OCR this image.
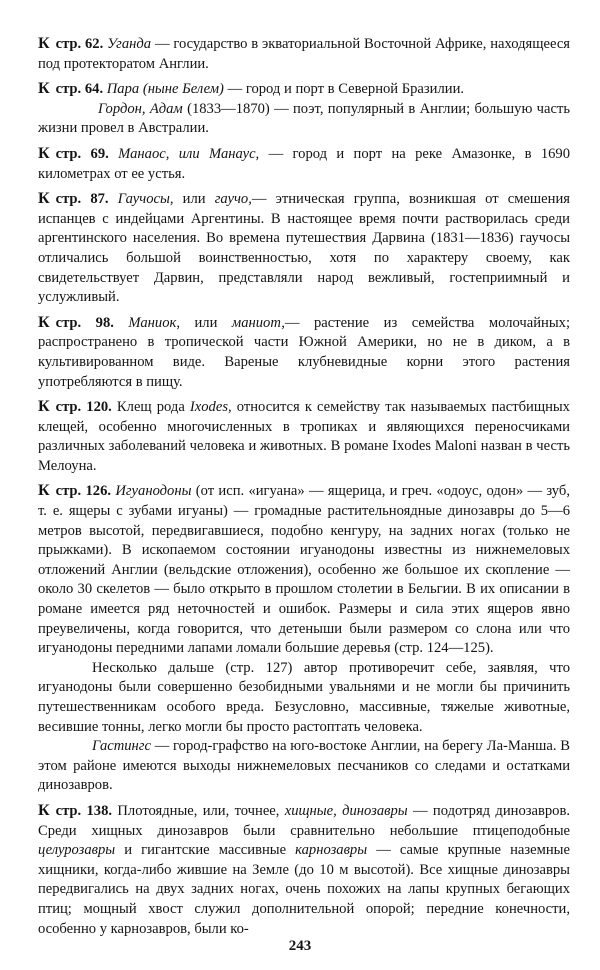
К стр. 62. Уганда — государство в экваториальной Восточной Африке, находящееся под протекторатом Англии.

К стр. 64. Пара (ныне Белем) — город и порт в Северной Бразилии.

Гордон, Адам (1833—1870) — поэт, популярный в Англии; большую часть жизни провел в Австралии.

К стр. 69. Манаос, или Манаус, — город и порт на реке Амазонке, в 1690 километрах от ее устья.

К стр. 87. Гаучосы, или гаучо,— этническая группа, возникшая от смешения испанцев с индейцами Аргентины. В настоящее время почти растворилась среди аргентинского населения. Во времена путешествия Дарвина (1831—1836) гаучосы отличались большой воинственностью, хотя по характеру своему, как свидетельствует Дарвин, представляли народ вежливый, гостеприимный и услужливый.

К стр. 98. Маниок, или маниот,— растение из семейства молочайных; распространено в тропической части Южной Америки, но не в диком, а в культивированном виде. Вареные клубневидные корни этого растения употребляются в пищу.

К стр. 120. Клещ рода Ixodes, относится к семейству так называемых пастбищных клещей, особенно многочисленных в тропиках и являющихся переносчиками различных заболеваний человека и животных. В романе Ixodes Maloni назван в честь Мелоуна.

К стр. 126. Игуанодоны (от исп. «игуана» — ящерица, и греч. «одоус, одон» — зуб, т. е. ящеры с зубами игуаны) — громадные растительноядные динозавры до 5—6 метров высотой, передвигавшиеся, подобно кенгуру, на задних ногах (только не прыжками). В ископаемом состоянии игуанодоны известны из нижнемеловых отложений Англии (вельдские отложения), особенно же большое их скопление — около 30 скелетов — было открыто в прошлом столетии в Бельгии. В их описании в романе имеется ряд неточностей и ошибок. Размеры и сила этих ящеров явно преувеличены, когда говорится, что детеныши были размером со слона или что игуанодоны передними лапами ломали большие деревья (стр. 124—125).

Несколько дальше (стр. 127) автор противоречит себе, заявляя, что игуанодоны были совершенно безобидными увальнями и не могли бы причинить путешественникам особого вреда. Безусловно, массивные, тяжелые животные, весившие тонны, легко могли бы просто растоптать человека.

Гастингс — город-графство на юго-востоке Англии, на берегу Ла-Манша. В этом районе имеются выходы нижнемеловых песчаников со следами и остатками динозавров.

К стр. 138. Плотоядные, или, точнее, хищные, динозавры — подотряд динозавров. Среди хищных динозавров были сравнительно небольшие птицеподобные целурозавры и гигантские массивные карнозавры — самые крупные наземные хищники, когда-либо жившие на Земле (до 10 м высотой). Все хищные динозавры передвигались на двух задних ногах, очень похожих на лапы крупных бегающих птиц; мощный хвост служил дополнительной опорой; передние конечности, особенно у карнозавров, были ко-

243
